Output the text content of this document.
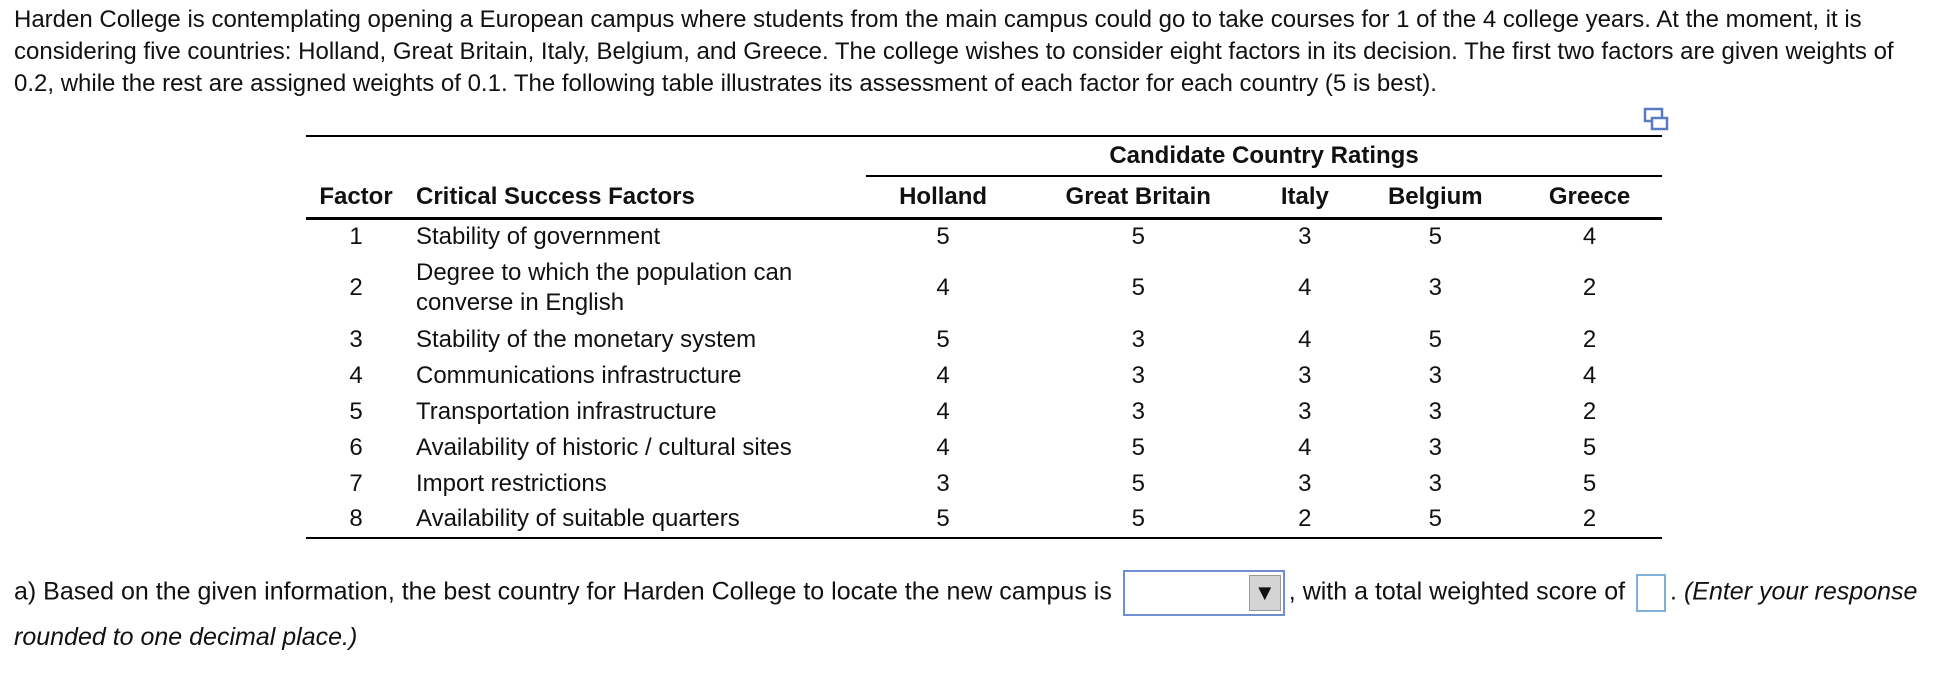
Harden College is contemplating opening a European campus where students from the main campus could go to take courses for 1 of the 4 college years. At the moment, it is considering five countries: Holland, Great Britain, Italy, Belgium, and Greece. The college wishes to consider eight factors in its decision. The first two factors are given weights of 0.2, while the rest are assigned weights of 0.1. The following table illustrates its assessment of each factor for each country (5 is best).

		Candidate Country Ratings				
Factor	Critical Success Factors	Holland	Great Britain	Italy	Belgium	Greece
1	Stability of government	5	5	3	5	4
2	Degree to which the population can converse in English	4	5	4	3	2
3	Stability of the monetary system	5	3	4	5	2
4	Communications infrastructure	4	3	3	3	4
5	Transportation infrastructure	4	3	3	3	2
6	Availability of historic / cultural sites	4	5	4	3	5
7	Import restrictions	3	5	3	3	5
8	Availability of suitable quarters	5	5	2	5	2
a) Based on the given information, the best country for Harden College to locate the new campus is	▼ , with a total weighted score of . (Enter your response rounded to one decimal place.)
